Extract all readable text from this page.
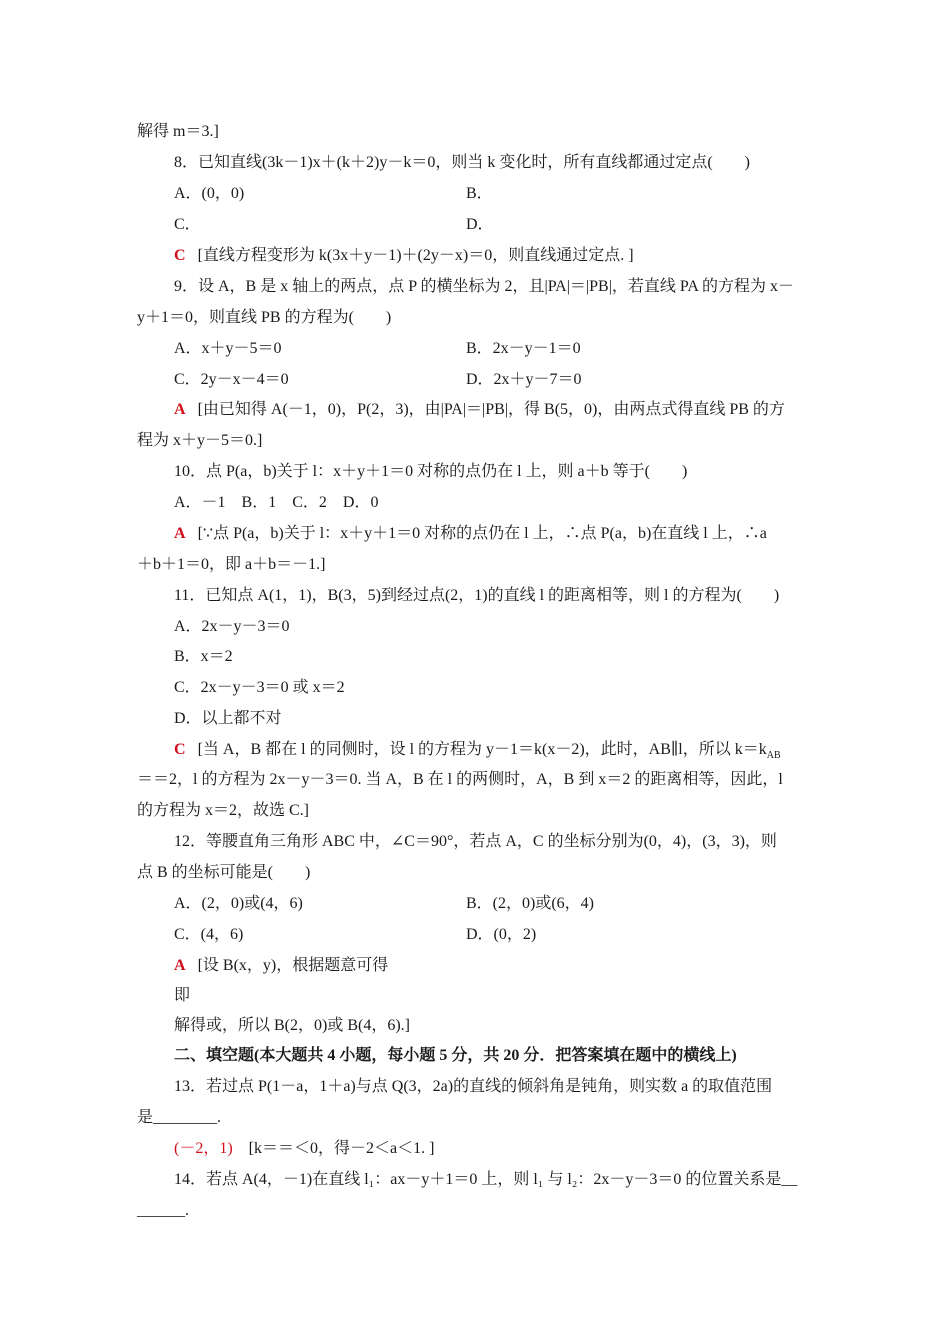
解得 m＝3.]
8．已知直线(3k－1)x＋(k＋2)y－k＝0，则当 k 变化时，所有直线都通过定点(　　)
A．(0，0)	B．
C．	D．
C [直线方程变形为 k(3x＋y－1)＋(2y－x)＝0，则直线通过定点. ]
9．设 A，B 是 x 轴上的两点，点 P 的横坐标为 2，且|PA|＝|PB|，若直线 PA 的方程为 x－
y＋1＝0，则直线 PB 的方程为(　　)
A．x＋y－5＝0	B．2x－y－1＝0
C．2y－x－4＝0	D．2x＋y－7＝0
A [由已知得 A(－1，0)，P(2，3)，由|PA|＝|PB|，得 B(5，0)，由两点式得直线 PB 的方
程为 x＋y－5＝0.]
10．点 P(a，b)关于 l：x＋y＋1＝0 对称的点仍在 l 上，则 a＋b 等于(　　)
A．－1　B．1　C．2　D．0
A [∵点 P(a，b)关于 l：x＋y＋1＝0 对称的点仍在 l 上，∴点 P(a，b)在直线 l 上，∴a
＋b＋1＝0，即 a＋b＝－1.]
11．已知点 A(1，1)，B(3，5)到经过点(2，1)的直线 l 的距离相等，则 l 的方程为(　　)
A．2x－y－3＝0
B．x＝2
C．2x－y－3＝0 或 x＝2
D．以上都不对
C [当 A，B 都在 l 的同侧时，设 l 的方程为 y－1＝k(x－2)，此时，AB∥l，所以 $k=k_{AB}$
＝＝2，l 的方程为 2x－y－3＝0. 当 A，B 在 l 的两侧时，A，B 到 x＝2 的距离相等，因此，l
的方程为 x＝2，故选 C.]
12．等腰直角三角形 ABC 中，∠C＝90°，若点 A，C 的坐标分别为(0，4)，(3，3)，则
点 B 的坐标可能是(　　)
A．(2，0)或(4，6)	B．(2，0)或(6，4)
C．(4，6)	D．(0，2)
A [设 B(x，y)，根据题意可得
即
解得或，所以 B(2，0)或 B(4，6).]
二、填空题(本大题共 4 小题，每小题 5 分，共 20 分．把答案填在题中的横线上)
13．若过点 P(1－a，1＋a)与点 Q(3，2a)的直线的倾斜角是钝角，则实数 a 的取值范围
是________.
(－2，1) [k＝＝＜0，得－2＜a＜1. ]
14．若点 A(4，－1)在直线 l₁：ax－y＋1＝0 上，则 l₁ 与 l₂：2x－y－3＝0 的位置关系是__
______.
